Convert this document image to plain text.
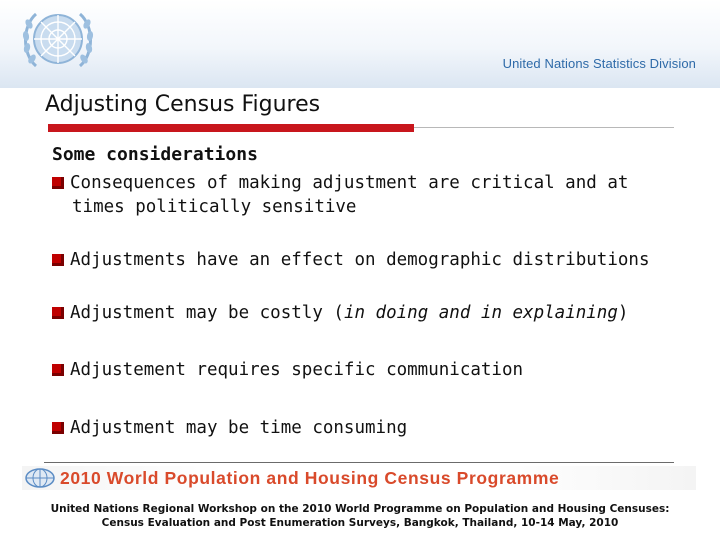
United Nations Statistics Division
Adjusting Census Figures
Some considerations
Consequences of making adjustment are critical and at
times politically sensitive
Adjustments have an effect on demographic distributions
Adjustment may be costly (in doing and in explaining)
Adjustement requires specific communication
Adjustment may be time consuming
2010 World Population and Housing Census Programme
United Nations Regional Workshop on the 2010 World Programme on Population and Housing Censuses:
Census Evaluation and Post Enumeration Surveys, Bangkok, Thailand, 10-14 May, 2010
